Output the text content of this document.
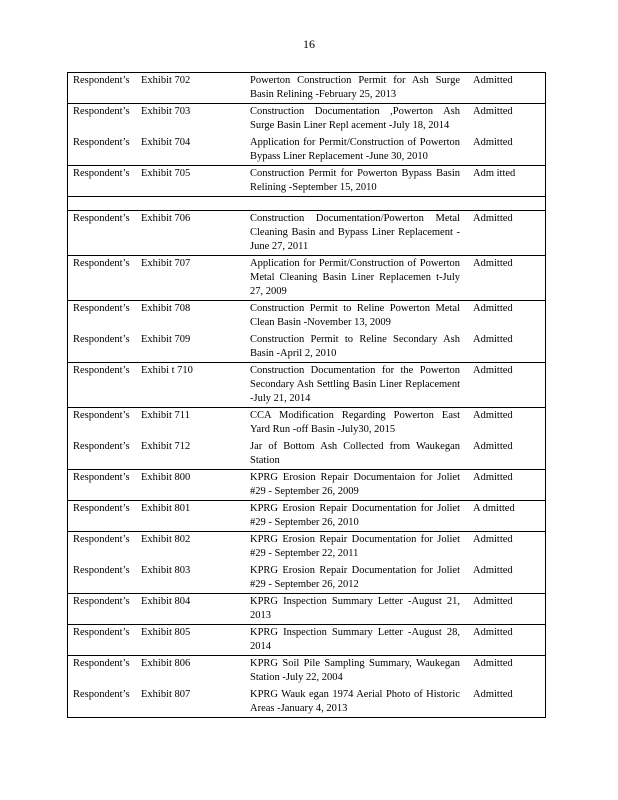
16
Respondent’s Exhibit 702	Powerton Construction Permit for Ash Surge Basin Relining -February 25, 2013
Admitted
Respondent’s Exhibit 703	Construction Documentation ,Powerton Ash Surge Basin Liner Repl acement -July 18, 2014
Admitted
Respondent’s Exhibit 704	Application for Permit/Construction of Powerton Bypass Liner Replacement -June 30, 2010
Admitted
Respondent’s Exhibit 705	Construction Permit for Powerton Bypass Basin Relining -September 15, 2010
Adm itted
Respondent’s Exhibit 706	Construction Documentation/Powerton Metal Cleaning Basin and Bypass Liner Replacement -June 27, 2011
Admitted
Respondent’s Exhibit 707	Application for Permit/Construction of Powerton Metal Cleaning Basin Liner Replacemen t-July 27, 2009
Admitted
Respondent’s Exhibit 708	Construction Permit to Reline Powerton Metal Clean Basin -November 13, 2009
Admitted
Respondent’s Exhibit 709	Construction Permit to Reline Secondary Ash Basin -April 2, 2010
Admitted
Respondent’s Exhibi t 710	Construction Documentation for the Powerton Secondary Ash Settling Basin Liner Replacement -July 21, 2014
Admitted
Respondent’s Exhibit 711	CCA Modification Regarding Powerton East Yard Run -off Basin -July30, 2015
Admitted
Respondent’s Exhibit 712	Jar of Bottom Ash Collected from Waukegan Station
Admitted
Respondent’s Exhibit 800	KPRG Erosion Repair Documentaion for Joliet #29 - September 26, 2009
Admitted
Respondent’s Exhibit 801	KPRG Erosion Repair Documentation for Joliet #29 - September 26, 2010
A dmitted
Respondent’s Exhibit 802	KPRG Erosion Repair Documentation for Joliet #29 - September 22, 2011
Admitted
Respondent’s Exhibit 803	KPRG Erosion Repair Documentation for Joliet #29 - September 26, 2012
Admitted
Respondent’s Exhibit 804	KPRG Inspection Summary Letter -August 21, 2013
Admitted
Respondent’s Exhibit 805	KPRG Inspection Summary Letter -August 28, 2014
Admitted
Respondent’s Exhibit 806	KPRG Soil Pile Sampling Summary, Waukegan Station -July 22, 2004
Admitted
Respondent’s Exhibit 807	KPRG Wauk egan 1974 Aerial Photo of Historic Areas -January 4, 2013
Admitted
